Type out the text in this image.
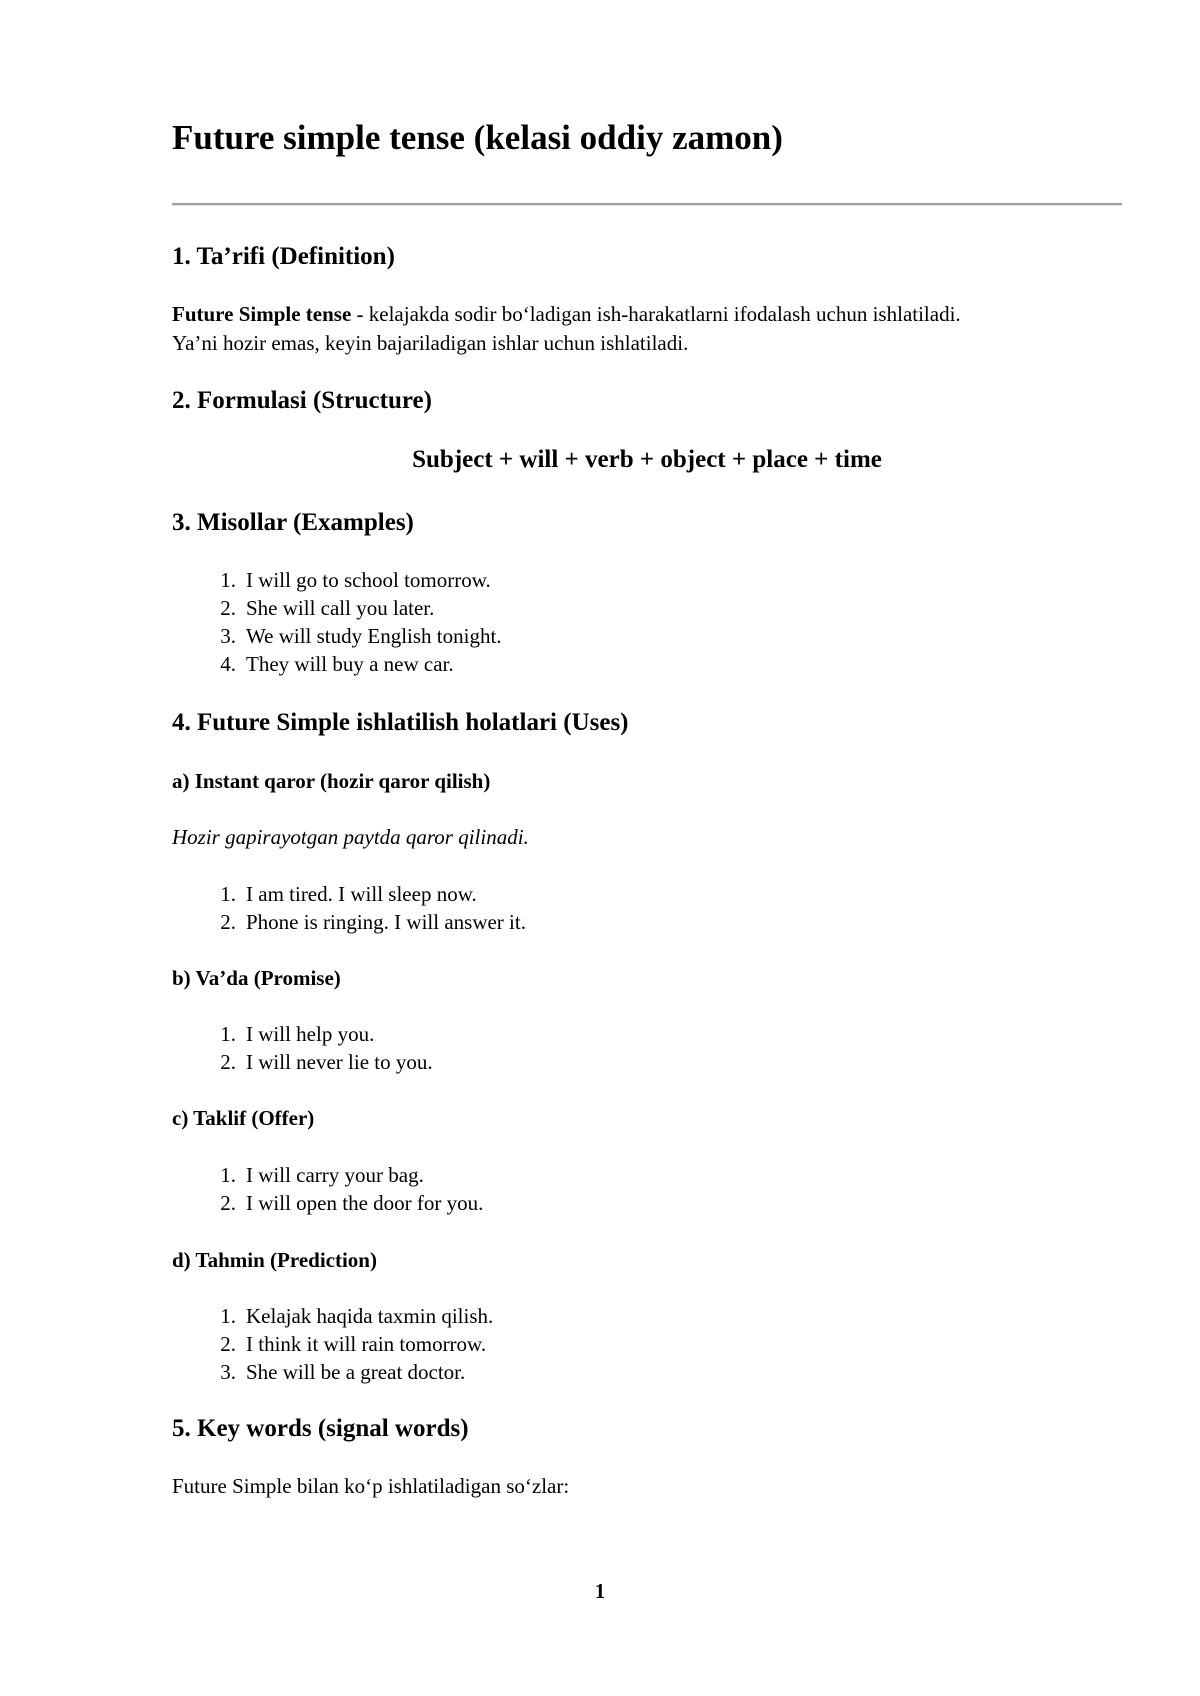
Future simple tense (kelasi oddiy zamon)
1. Ta’rifi (Definition)
Future Simple tense - kelajakda sodir bo‘ladigan ish-harakatlarni ifodalash uchun ishlatiladi.
Ya’ni hozir emas, keyin bajariladigan ishlar uchun ishlatiladi.
2. Formulasi (Structure)
Subject + will + verb + object + place + time
3. Misollar (Examples)
1. I will go to school tomorrow.
2. She will call you later.
3. We will study English tonight.
4. They will buy a new car.
4. Future Simple ishlatilish holatlari (Uses)
a) Instant qaror (hozir qaror qilish)
Hozir gapirayotgan paytda qaror qilinadi.
1. I am tired. I will sleep now.
2. Phone is ringing. I will answer it.
b) Va’da (Promise)
1. I will help you.
2. I will never lie to you.
c) Taklif (Offer)
1. I will carry your bag.
2. I will open the door for you.
d) Tahmin (Prediction)
1. Kelajak haqida taxmin qilish.
2. I think it will rain tomorrow.
3. She will be a great doctor.
5. Key words (signal words)
Future Simple bilan ko‘p ishlatiladigan so‘zlar:
1
